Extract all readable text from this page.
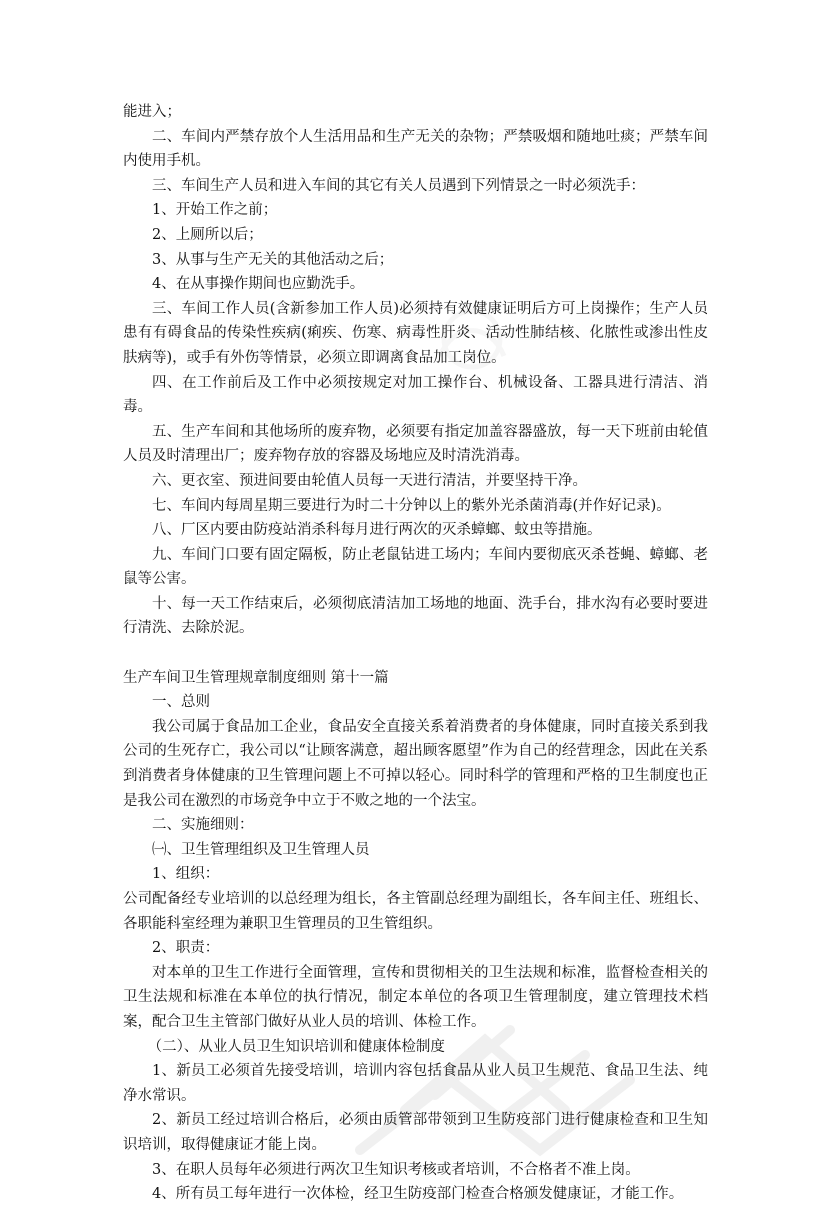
能进入；

二、车间内严禁存放个人生活用品和生产无关的杂物；严禁吸烟和随地吐痰；严禁车间内使用手机。

三、车间生产人员和进入车间的其它有关人员遇到下列情景之一时必须洗手：

1、开始工作之前；

2、上厕所以后；

3、从事与生产无关的其他活动之后；

4、在从事操作期间也应勤洗手。

三、车间工作人员(含新参加工作人员)必须持有效健康证明后方可上岗操作；生产人员患有有碍食品的传染性疾病(痢疾、伤寒、病毒性肝炎、活动性肺结核、化脓性或渗出性皮肤病等)，或手有外伤等情景，必须立即调离食品加工岗位。

四、在工作前后及工作中必须按规定对加工操作台、机械设备、工器具进行清洁、消毒。

五、生产车间和其他场所的废弃物，必须要有指定加盖容器盛放，每一天下班前由轮值人员及时清理出厂；废弃物存放的容器及场地应及时清洗消毒。

六、更衣室、预进间要由轮值人员每一天进行清洁，并要坚持干净。

七、车间内每周星期三要进行为时二十分钟以上的紫外光杀菌消毒(并作好记录)。

八、厂区内要由防疫站消杀科每月进行两次的灭杀蟑螂、蚊虫等措施。

九、车间门口要有固定隔板，防止老鼠钻进工场内；车间内要彻底灭杀苍蝇、蟑螂、老鼠等公害。

十、每一天工作结束后，必须彻底清洁加工场地的地面、洗手台，排水沟有必要时要进行清洗、去除於泥。

生产车间卫生管理规章制度细则 第十一篇

一、总则

我公司属于食品加工企业，食品安全直接关系着消费者的身体健康，同时直接关系到我公司的生死存亡，我公司以“让顾客满意，超出顾客愿望”作为自己的经营理念，因此在关系到消费者身体健康的卫生管理问题上不可掉以轻心。同时科学的管理和严格的卫生制度也正是我公司在激烈的市场竞争中立于不败之地的一个法宝。

二、实施细则：

㈠、卫生管理组织及卫生管理人员

1、组织：

公司配备经专业培训的以总经理为组长，各主管副总经理为副组长，各车间主任、班组长、各职能科室经理为兼职卫生管理员的卫生管组织。

2、职责：

对本单的卫生工作进行全面管理，宣传和贯彻相关的卫生法规和标准，监督检查相关的卫生法规和标准在本单位的执行情况，制定本单位的各项卫生管理制度，建立管理技术档案，配合卫生主管部门做好从业人员的培训、体检工作。

（二）、从业人员卫生知识培训和健康体检制度

1、新员工必须首先接受培训，培训内容包括食品从业人员卫生规范、食品卫生法、纯净水常识。

2、新员工经过培训合格后，必须由质管部带领到卫生防疫部门进行健康检查和卫生知识培训，取得健康证才能上岗。

3、在职人员每年必须进行两次卫生知识考核或者培训，不合格者不准上岗。

4、所有员工每年进行一次体检，经卫生防疫部门检查合格颁发健康证，才能工作。
